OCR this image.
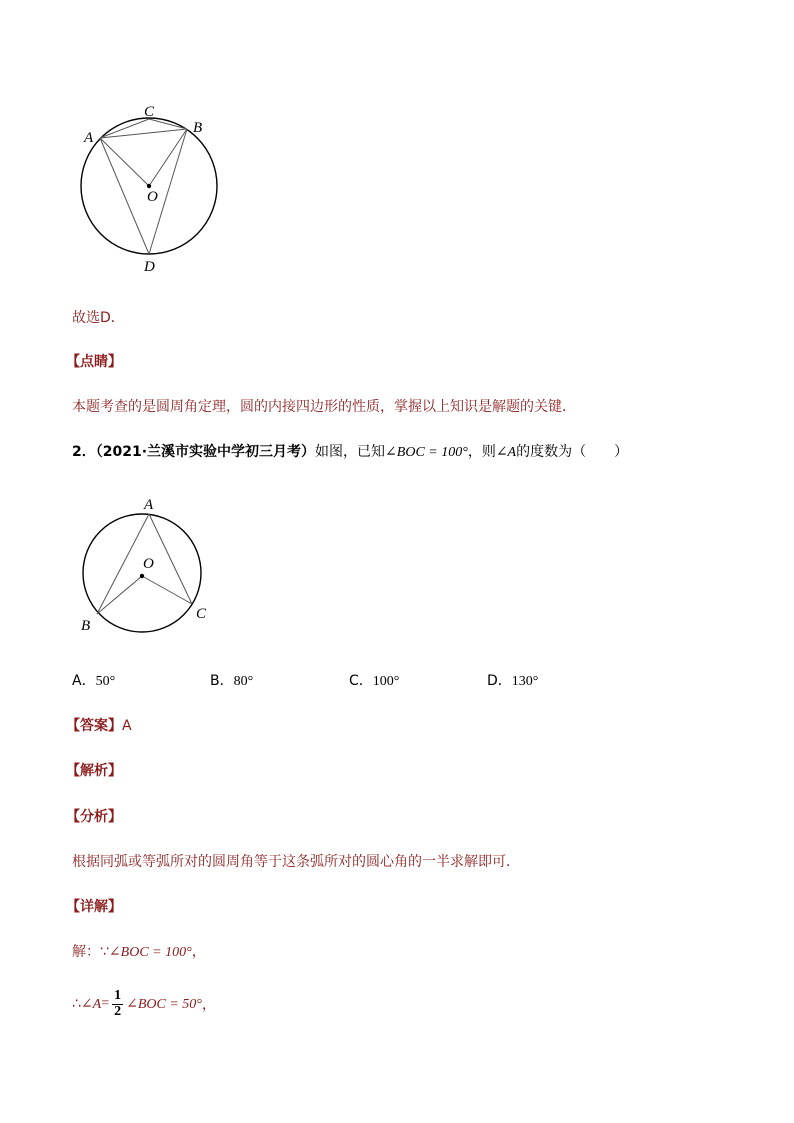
C
A
B
O
D
故选D．
【点睛】
本题考查的是圆周角定理，圆的内接四边形的性质，掌握以上知识是解题的关键．
2．（2021·兰溪市实验中学初三月考）如图，已知∠BOC = 100°，则∠A的度数为（　　）
A
O
B
C
A．50°	B．80°	C．100°	D．130°
【答案】A
【解析】
【分析】
根据同弧或等弧所对的圆周角等于这条弧所对的圆心角的一半求解即可．
【详解】
解：∵∠BOC = 100°，
∴ ∠A = $\frac{1}{2}$ ∠BOC = 50° ，
